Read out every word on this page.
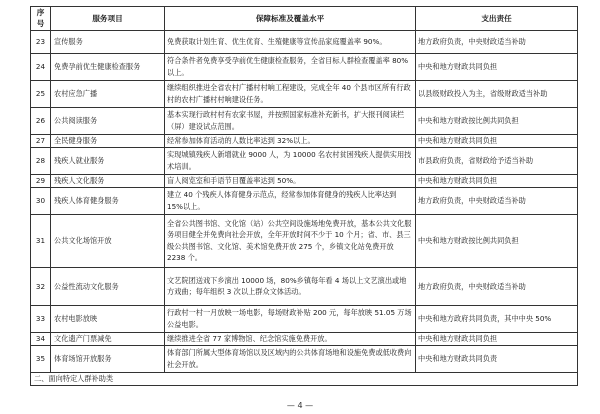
序号	服务项目	保障标准及覆盖水平	支出责任
23	宣传服务	免费获取计划生育、优生优育、生殖健康等宣传品家庭覆盖率 90%。	地方政府负责，中央财政适当补助
24	免费孕前优生健康检查服务	符合条件者免费享受孕前优生健康检查服务，全省目标人群检查覆盖率 80%以上。	中央和地方财政共同负担
25	农村应急广播	继续组织推进全省农村广播村村响工程建设，完成全年 40 个县市区所有行政村的农村广播村村响建设任务。	以县级财政投入为主，省级财政适当补助
26	公共阅读服务	基本实现行政村村有农家书屋，并按照国家标准补充新书，扩大报刊阅读栏（屏）建设试点范围。	中央和地方财政按比例共同负担
27	全民健身服务	经常参加体育活动的人数比率达到 32%以上。	中央和地方财政共同负担
28	残疾人就业服务	实现城镇残疾人新增就业 9000 人，为 10000 名农村贫困残疾人提供实用技术培训。	市县政府负责，省财政给予适当补助
29	残疾人文化服务	盲人阅览室和手语节目覆盖率达到 50%。	中央和地方财政共同负担
30	残疾人体育健身服务	建立 40 个残疾人体育健身示范点，经常参加体育健身的残疾人比率达到 15%以上。	地方政府负责，中央财政适当补助
31	公共文化场馆开放	全省公共图书馆、文化馆（站）公共空间设施场地免费开放，基本公共文化服务项目健全并免费向社会开放，全年开放时间不少于 10 个月；省、市、县三级公共图书馆、文化馆、美术馆免费开放 275 个，乡镇文化站免费开放 2238 个。	中央和地方财政按比例共同负担
32	公益性流动文化服务	文艺院团送戏下乡演出 10000 场，80%乡镇每年看 4 场以上文艺演出或地方戏曲；每年组织 3 次以上群众文体活动。	地方政府负责，中央财政适当补助
33	农村电影放映	行政村一村一月放映一场电影，每场财政补贴 200 元，每年放映 51.05 万场公益电影。	中央和地方政府共同负责，其中中央 50%
34	文化遗产门票减免	继续推进全省 77 家博物馆、纪念馆实施免费开放。	中央和地方财政共同负担
35	体育场馆开放服务	体育部门所属大型体育场馆以及区域内的公共体育场地和设施免费或低收费向社会开放。	中央和地方财政共同负责
二、面向特定人群补助类			
— 4 —
